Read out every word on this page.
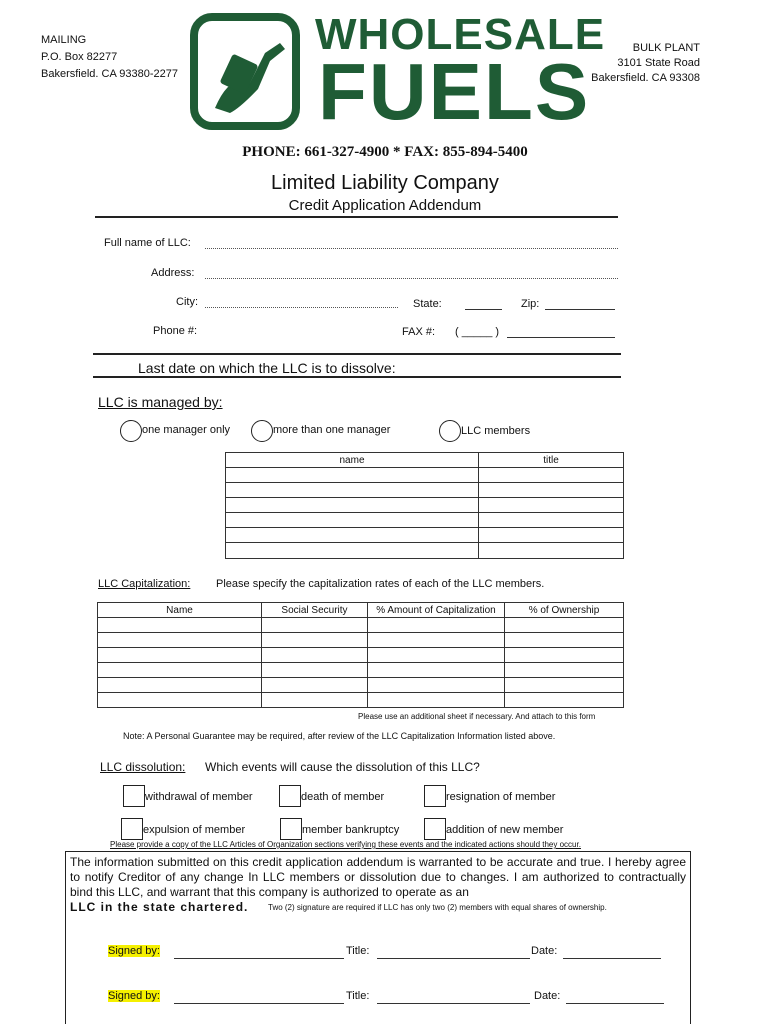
MAILING
P.O. Box 82277
Bakersfield. CA 93380-2277
WHOLESALE
FUELS	BULK PLANT
3101 State Road
Bakersfield. CA 93308
PHONE: 661-327-4900 * FAX: 855-894-5400
Limited Liability Company
Credit Application Addendum
Full name of LLC:
Address:
City:	State:	Zip:
Phone #:	FAX #: ( _____ )
Last date on which the LLC is to dissolve:
LLC is managed by:
one manager only	more than one manager	LLC members
name	title

LLC Capitalization: Please specify the capitalization rates of each of the LLC members.
Name	Social Security	% Amount of Capitalization	% of Ownership

Please use an additional sheet if necessary. And attach to this form
Note: A Personal Guarantee may be required, after review of the LLC Capitalization Information listed above.
LLC dissolution: Which events will cause the dissolution of this LLC?
withdrawal of member	death of member	resignation of member
expulsion of member	member bankruptcy	addition of new member
Please provide a copy of the LLC Articles of Organization sections verifying these events and the indicated actions should they occur.
The information submitted on this credit application addendum is warranted to be accurate and true. I hereby agree to notify Creditor of any change In LLC members or dissolution due to changes. I am authorized to contractually bind this LLC, and warrant that this company is authorized to operate as an
LLC in the state chartered. Two (2) signature are required if LLC has only two (2) members with equal shares of ownership.
Signed by:	Title:	Date:
Signed by:	Title:	Date:
